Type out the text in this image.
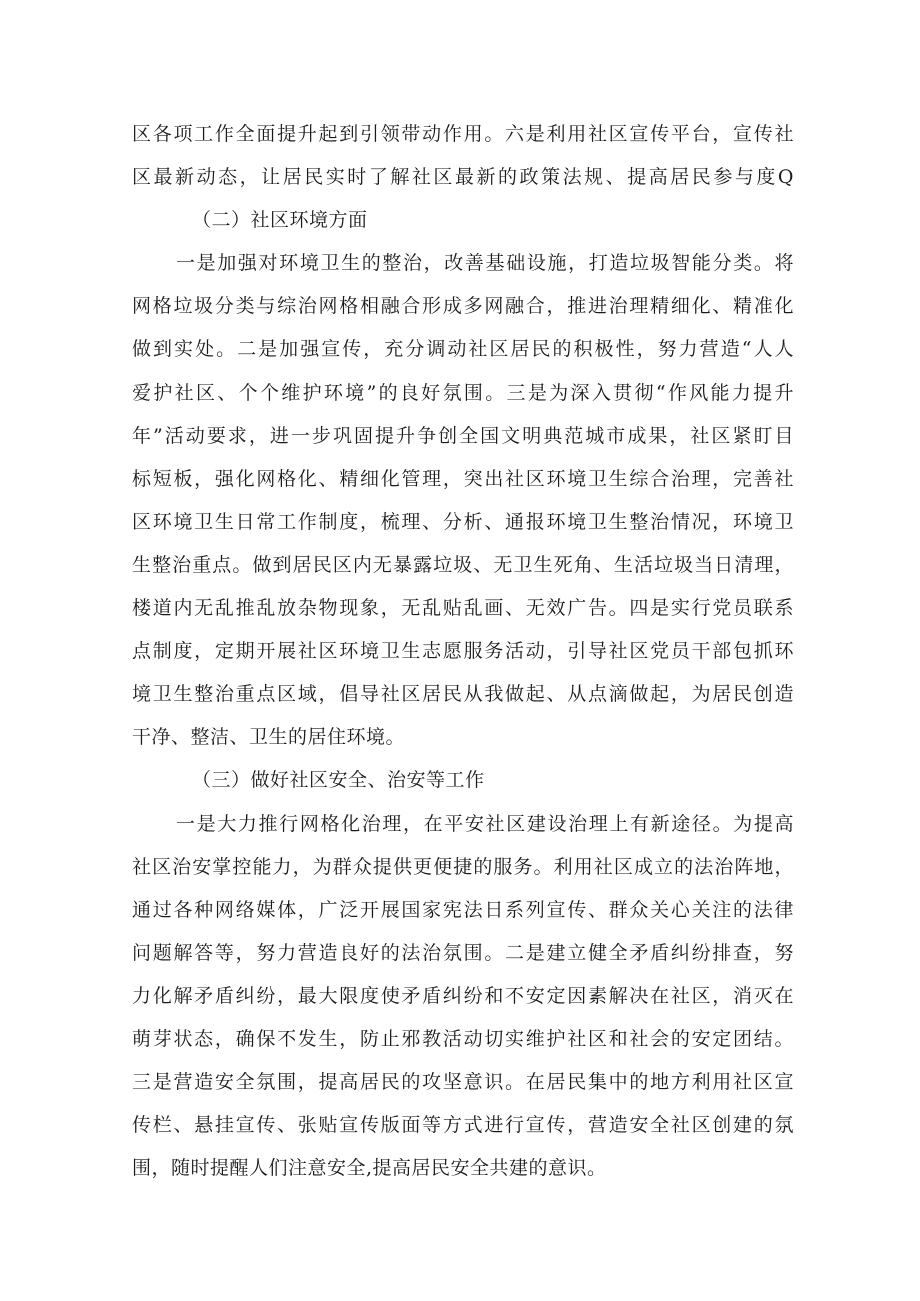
区各项工作全面提升起到引领带动作用。六是利用社区宣传平台，宣传社
区最新动态，让居民实时了解社区最新的政策法规、提高居民参与度Q
（二）社区环境方面
一是加强对环境卫生的整治，改善基础设施，打造垃圾智能分类。将
网格垃圾分类与综治网格相融合形成多网融合，推进治理精细化、精准化
做到实处。二是加强宣传，充分调动社区居民的积极性，努力营造“人人
爱护社区、个个维护环境”的良好氛围。三是为深入贯彻“作风能力提升
年”活动要求，进一步巩固提升争创全国文明典范城市成果，社区紧盯目
标短板，强化网格化、精细化管理，突出社区环境卫生综合治理，完善社
区环境卫生日常工作制度，梳理、分析、通报环境卫生整治情况，环境卫
生整治重点。做到居民区内无暴露垃圾、无卫生死角、生活垃圾当日清理，
楼道内无乱推乱放杂物现象，无乱贴乱画、无效广告。四是实行党员联系
点制度，定期开展社区环境卫生志愿服务活动，引导社区党员干部包抓环
境卫生整治重点区域，倡导社区居民从我做起、从点滴做起，为居民创造
干净、整洁、卫生的居住环境。
（三）做好社区安全、治安等工作
一是大力推行网格化治理，在平安社区建设治理上有新途径。为提高
社区治安掌控能力，为群众提供更便捷的服务。利用社区成立的法治阵地，
通过各种网络媒体，广泛开展国家宪法日系列宣传、群众关心关注的法律
问题解答等，努力营造良好的法治氛围。二是建立健全矛盾纠纷排查，努
力化解矛盾纠纷，最大限度使矛盾纠纷和不安定因素解决在社区，消灭在
萌芽状态，确保不发生，防止邪教活动切实维护社区和社会的安定团结。
三是营造安全氛围，提高居民的攻坚意识。在居民集中的地方利用社区宣
传栏、悬挂宣传、张贴宣传版面等方式进行宣传，营造安全社区创建的氛
围，随时提醒人们注意安全,提高居民安全共建的意识。
